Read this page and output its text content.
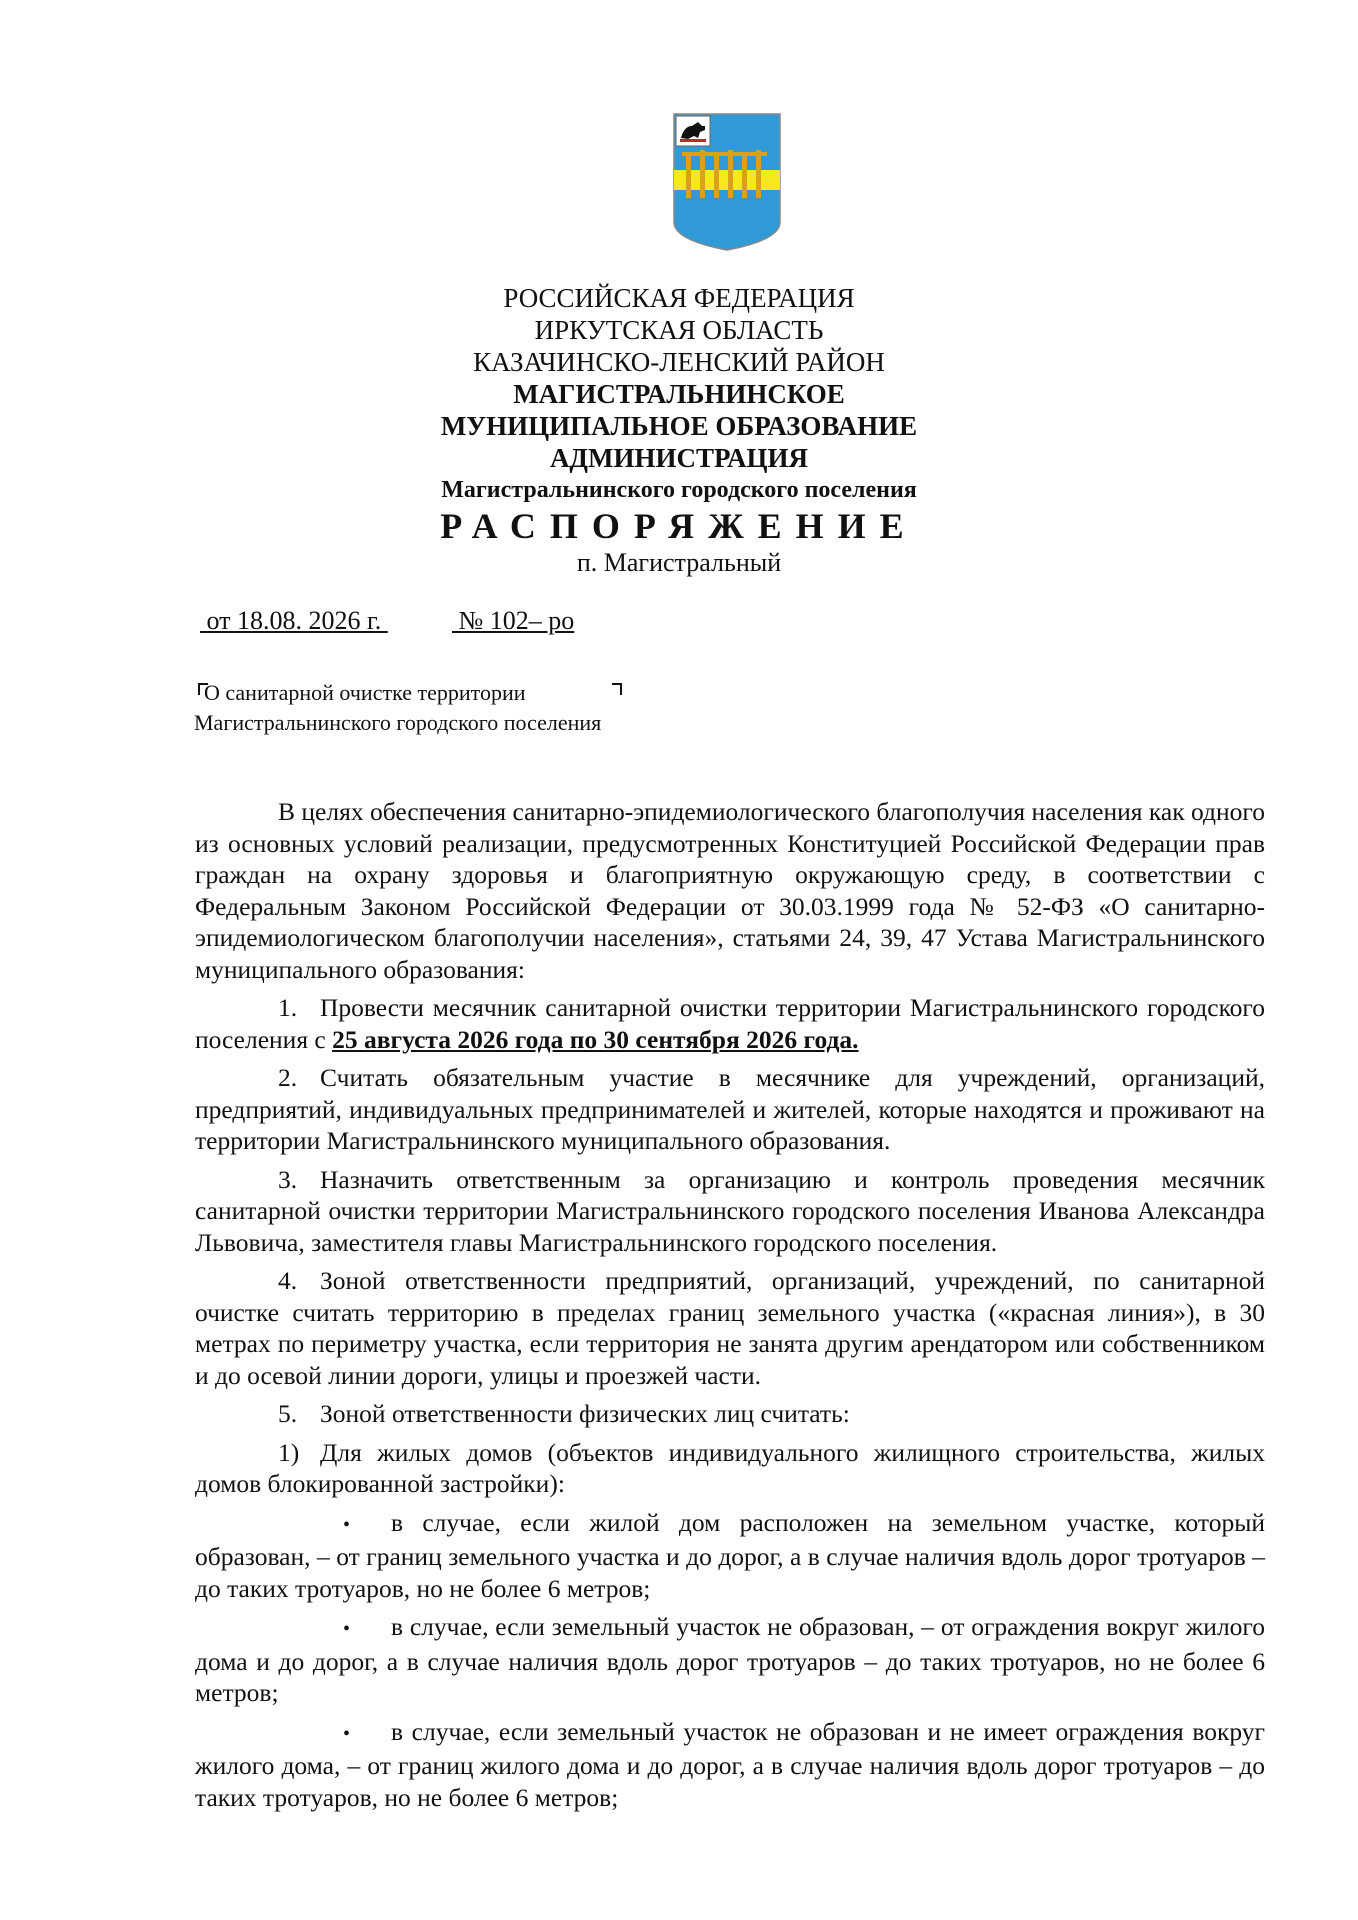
РОССИЙСКАЯ ФЕДЕРАЦИЯ
ИРКУТСКАЯ ОБЛАСТЬ
КАЗАЧИНСКО-ЛЕНСКИЙ РАЙОН
МАГИСТРАЛЬНИНСКОЕ
МУНИЦИПАЛЬНОЕ ОБРАЗОВАНИЕ
АДМИНИСТРАЦИЯ
Магистральнинского городского поселения
РАСПОРЯЖЕНИЕ
п. Магистральный
от 18.08. 2026 г. № 102– рo
О санитарной очистке территории
Магистральнинского городского поселения

В целях обеспечения санитарно-эпидемиологического благополучия населения как одного из основных условий реализации, предусмотренных Конституцией Российской Федерации прав граждан на охрану здоровья и благоприятную окружающую среду, в соответствии с Федеральным Законом Российской Федерации от 30.03.1999 года № 52-ФЗ «О санитарно-эпидемиологическом благополучии населения», статьями 24, 39, 47 Устава Магистральнинского муниципального образования:

1. Провести месячник санитарной очистки территории Магистральнинского городского поселения с 25 августа 2026 года по 30 сентября 2026 года.

2. Считать обязательным участие в месячнике для учреждений, организаций, предприятий, индивидуальных предпринимателей и жителей, которые находятся и проживают на территории Магистральнинского муниципального образования.

3. Назначить ответственным за организацию и контроль проведения месячник санитарной очистки территории Магистральнинского городского поселения Иванова Александра Львовича, заместителя главы Магистральнинского городского поселения.

4. Зоной ответственности предприятий, организаций, учреждений, по санитарной очистке считать территорию в пределах границ земельного участка («красная линия»), в 30 метрах по периметру участка, если территория не занята другим арендатором или собственником и до осевой линии дороги, улицы и проезжей части.

5. Зоной ответственности физических лиц считать:

1) Для жилых домов (объектов индивидуального жилищного строительства, жилых домов блокированной застройки):

• в случае, если жилой дом расположен на земельном участке, который образован, – от границ земельного участка и до дорог, а в случае наличия вдоль дорог тротуаров – до таких тротуаров, но не более 6 метров;

• в случае, если земельный участок не образован, – от ограждения вокруг жилого дома и до дорог, а в случае наличия вдоль дорог тротуаров – до таких тротуаров, но не более 6 метров;

• в случае, если земельный участок не образован и не имеет ограждения вокруг жилого дома, – от границ жилого дома и до дорог, а в случае наличия вдоль дорог тротуаров – до таких тротуаров, но не более 6 метров;
